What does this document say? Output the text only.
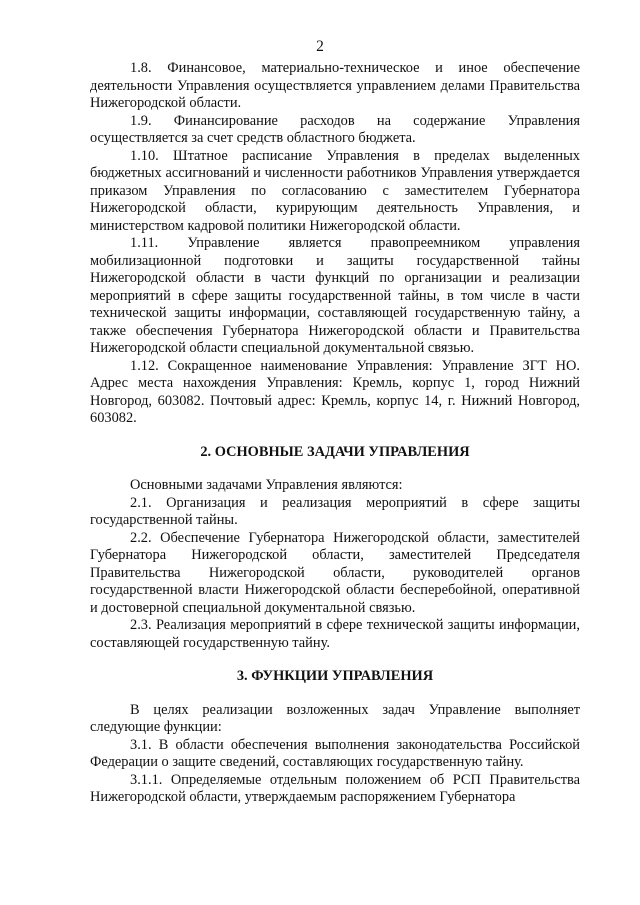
2

1.8. Финансовое, материально-техническое и иное обеспечение деятельности Управления осуществляется управлением делами Правительства Нижегородской области.

1.9. Финансирование расходов на содержание Управления осуществляется за счет средств областного бюджета.

1.10. Штатное расписание Управления в пределах выделенных бюджетных ассигнований и численности работников Управления утверждается приказом Управления по согласованию с заместителем Губернатора Нижегородской области, курирующим деятельность Управления, и министерством кадровой политики Нижегородской области.

1.11. Управление является правопреемником управления мобилизационной подготовки и защиты государственной тайны Нижегородской области в части функций по организации и реализации мероприятий в сфере защиты государственной тайны, в том числе в части технической защиты информации, составляющей государственную тайну, а также обеспечения Губернатора Нижегородской области и Правительства Нижегородской области специальной документальной связью.

1.12. Сокращенное наименование Управления: Управление ЗГТ НО. Адрес места нахождения Управления: Кремль, корпус 1, город Нижний Новгород, 603082. Почтовый адрес: Кремль, корпус 14, г. Нижний Новгород, 603082.

2. ОСНОВНЫЕ ЗАДАЧИ УПРАВЛЕНИЯ

Основными задачами Управления являются:

2.1. Организация и реализация мероприятий в сфере защиты государственной тайны.

2.2. Обеспечение Губернатора Нижегородской области, заместителей Губернатора Нижегородской области, заместителей Председателя Правительства Нижегородской области, руководителей органов государственной власти Нижегородской области бесперебойной, оперативной и достоверной специальной документальной связью.

2.3. Реализация мероприятий в сфере технической защиты информации, составляющей государственную тайну.

3. ФУНКЦИИ УПРАВЛЕНИЯ

В целях реализации возложенных задач Управление выполняет следующие функции:

3.1. В области обеспечения выполнения законодательства Российской Федерации о защите сведений, составляющих государственную тайну.

3.1.1. Определяемые отдельным положением об РСП Правительства Нижегородской области, утверждаемым распоряжением Губернатора
